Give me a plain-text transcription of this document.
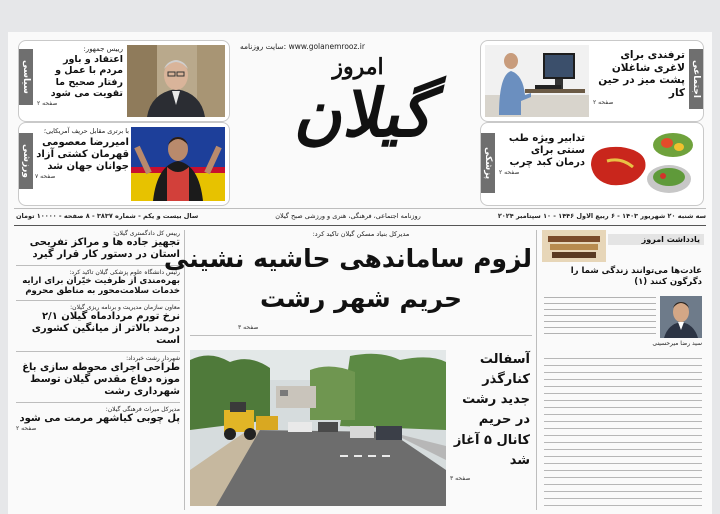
سیاسی
رییس جمهور:
اعتقاد و باور مردم با عمل و رفتار صحیح ما تقویت می شود
صفحه ۲
ورزشی
با برتری مقابل حریف آمریکایی؛
امیررضا معصومی قهرمان کشتی آزاد جوانان جهان شد
صفحه ۷
www.golanemrooz.ir :سایت روزنامه
گیلان
امروز	اجتماعی
ترفندی برای لاغری شاغلان پشت میز در حین کار
صفحه ۲
پزشکی
تدابیر ویژه طب سنتی برای درمان کبد چرب
صفحه ۲
سه شنبه ۲۰ شهریور ۱۴۰۳ - ۶ ربیع الاول ۱۴۴۶ - ۱۰ سپتامبر ۲۰۲۴
روزنامه اجتماعی، فرهنگی، هنری و ورزشی صبح گیلان
سال بیست و یکم - شماره ۳۸۳۷ - ۸ صفحه - ۱۰۰۰۰ تومان
رییس کل دادگستری گیلان:
تجهیز جاده ها و مراکز تفریحی استان در دستور کار قرار گیرد
رئیس دانشگاه علوم پزشکی گیلان تاکید کرد:
بهره‌مندی از ظرفیت خیّران برای ارایه خدمات سلامت‌محور به مناطق محروم
معاون سازمان مدیریت و برنامه ریزی گیلان:
نرخ تورم مردادماه گیلان ۲/۱ درصد بالاتر از میانگین کشوری است
شهردار رشت خبرداد:
طراحی اجرای محوطه سازی باغ موزه دفاع مقدس گیلان توسط شهرداری رشت
مدیرکل میراث فرهنگی گیلان:
پل چوبی کیاشهر مرمت می شود
صفحه ۲
مدیرکل بنیاد مسکن گیلان تاکید کرد:
لزوم ساماندهی حاشیه نشینی
حریم شهر رشت
صفحه ۳
آسفالت کنارگذر جدید رشت در حریم کانال ۵ آغاز شد
صفحه ۳
یادداشت امروز
عادت‌ها می‌توانند زندگی شما را دگرگون کنند (۱)
سید رضا میرحسینی
